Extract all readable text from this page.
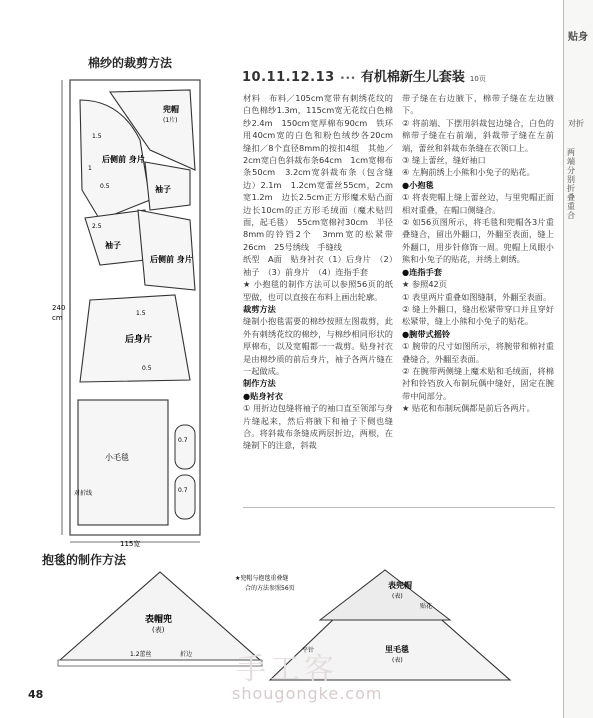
贴身
对折
两端分别折叠重合
棉纱的裁剪方法
10.11.12.13 ••• 有机棉新生儿套装 10页

材料　布料／105cm宽带有刺绣花纹的白色棉纱1.3m，115cm宽无花纹白色棉纱2.4m　150cm宽厚棉布90cm　铁环用40cm宽的白色和粉色绒纱各20cm　缝扣／8个直径8mm的按扣4组　其他／2cm宽白色斜裁布条64cm　1cm宽棉布条50cm　3.2cm宽斜裁布条（包含缝边）2.1m　1.2cm宽蕾丝55cm，2cm宽1.2m　边长2.5cm正方形魔术贴凸面　边长10cm的正方形毛绒面（魔术贴凹面，起毛毯）　55cm宽棉衬30cm　半径8mm的铃铛2个　3mm宽的松紧带26cm　25号绣线　手缝线

纸型　A面　贴身衬衣（1）后身片　（2）袖子　（3）前身片　（4）连指手套

★ 小抱毯的制作方法可以参照56页的纸型做，也可以直接在布料上画出轮廓。

裁剪方法

缝制小抱毯需要的棉纱按照左图裁剪，此外有刺绣花纹的棉纱，与棉纱相同形状的厚棉布，以及宽帽都一一裁剪。贴身衬衣是由棉纱质的前后身片，袖子各两片缝在一起做成。

制作方法

●贴身衬衣

① 用折边包缝将袖子的袖口直至领部与身片缝起来，然后将腋下和袖子下侧也缝合。将斜裁布条缝成两层折边，两根，在缝制下的注意，斜裁

带子缝在右边腋下，棉带子缝在左边腋下。

② 将前端、下摆用斜裁包边缝合，白色的棉带子缝在右前端，斜裁带子缝在左前端，蕾丝和斜裁布条缝在衣领口上。

③ 缝上蕾丝，缝好袖口

④ 左胸前绣上小熊和小兔子的贴花。

●小抱毯

① 将表兜帽上缝上蕾丝边，与里兜帽正面相对重叠，在帽口侧缝合。

② 如56页图所示，将毛毯和兜帽各3片重叠缝合，留出外翻口，外翻至表面，缝上外翻口，用步针修饰一周。兜帽上凤眼小熊和小兔子的贴花，并绣上刺绣。

●连指手套

★ 参照42页

① 表里两片重叠如图缝制，外翻至表面。

② 缝上外翻口，缝出松紧带穿口并且穿好松紧带，缝上小熊和小兔子的贴花。

●腕带式摇铃

① 腕带的尺寸如图所示，将腕带和棉衬重叠缝合，外翻至表面。

② 在腕带两侧缝上魔术贴和毛绒面，将棉衬和铃铛放入布制玩偶中缝好，固定在腕带中间部分。

★ 贴花和布制玩偶都是前后各两片。

兜帽
(1片)
后侧前 身片
袖子
袖子
后侧前 身片
后身片
小毛毯
对折线
240
cm
115宽
1.5
1
0.5
2.5
0.7
0.7
1.5
0.5
抱毯的制作方法
表帽兜
(表)
1.2蕾丝	折边
★兜帽与抱毯重叠缝
合的方法参照56页	表兜帽
(表)
贴花
里毛毯
(表)
平针
手工客
shougongke.com
48
